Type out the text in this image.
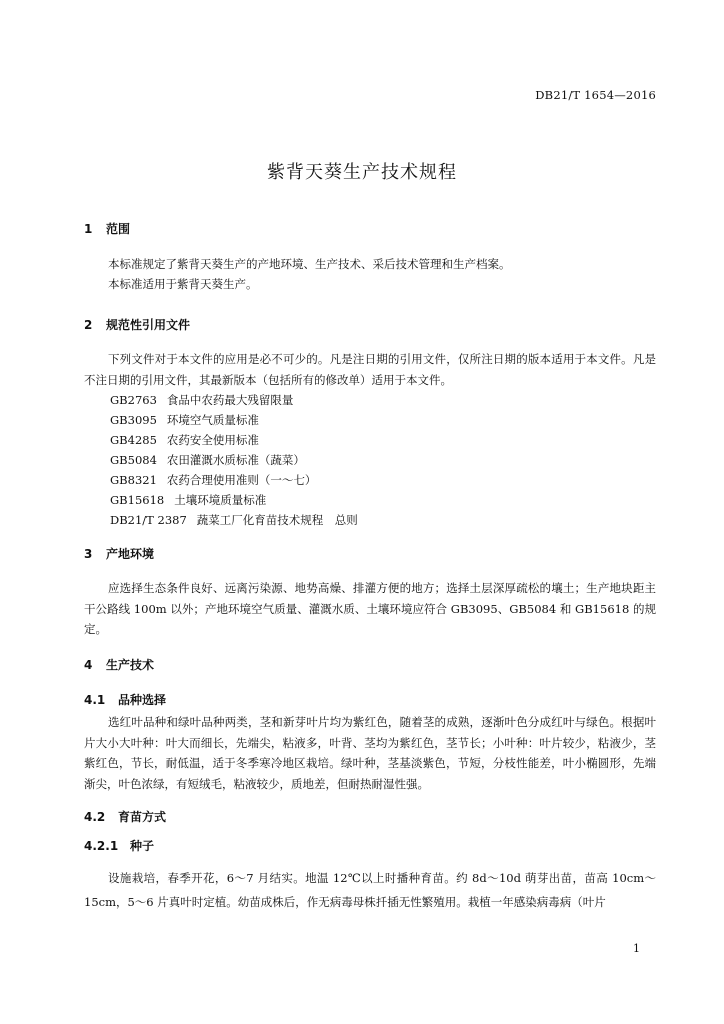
DB21/T 1654—2016
紫背天葵生产技术规程
1 范围
本标准规定了紫背天葵生产的产地环境、生产技术、采后技术管理和生产档案。
本标准适用于紫背天葵生产。
2 规范性引用文件
下列文件对于本文件的应用是必不可少的。凡是注日期的引用文件，仅所注日期的版本适用于本文件。凡是不注日期的引用文件，其最新版本（包括所有的修改单）适用于本文件。
GB2763 食品中农药最大残留限量
GB3095 环境空气质量标准
GB4285 农药安全使用标准
GB5084 农田灌溉水质标准（蔬菜）
GB8321 农药合理使用准则（一～七）
GB15618 土壤环境质量标准
DB21/T 2387 蔬菜工厂化育苗技术规程　总则
3 产地环境
应选择生态条件良好、远离污染源、地势高燥、排灌方便的地方；选择土层深厚疏松的壤土；生产地块距主干公路线 100m 以外；产地环境空气质量、灌溉水质、土壤环境应符合 GB3095、GB5084 和 GB15618 的规定。
4 生产技术
4.1 品种选择
选红叶品种和绿叶品种两类，茎和新芽叶片均为紫红色，随着茎的成熟，逐渐叶色分成红叶与绿色。根据叶片大小大叶种：叶大而细长，先端尖，粘液多，叶背、茎均为紫红色，茎节长；小叶种：叶片较少，粘液少，茎紫红色，节长，耐低温，适于冬季寒冷地区栽培。绿叶种，茎基淡紫色，节短，分枝性能差，叶小椭圆形，先端渐尖，叶色浓绿，有短绒毛，粘液较少，质地差，但耐热耐湿性强。
4.2 育苗方式
4.2.1 种子
设施栽培，春季开花，6～7 月结实。地温 12℃以上时播种育苗。约 8d～10d 萌芽出苗，苗高 10cm～15cm，5～6 片真叶时定植。幼苗成株后，作无病毒母株扦插无性繁殖用。栽植一年感染病毒病（叶片
1
